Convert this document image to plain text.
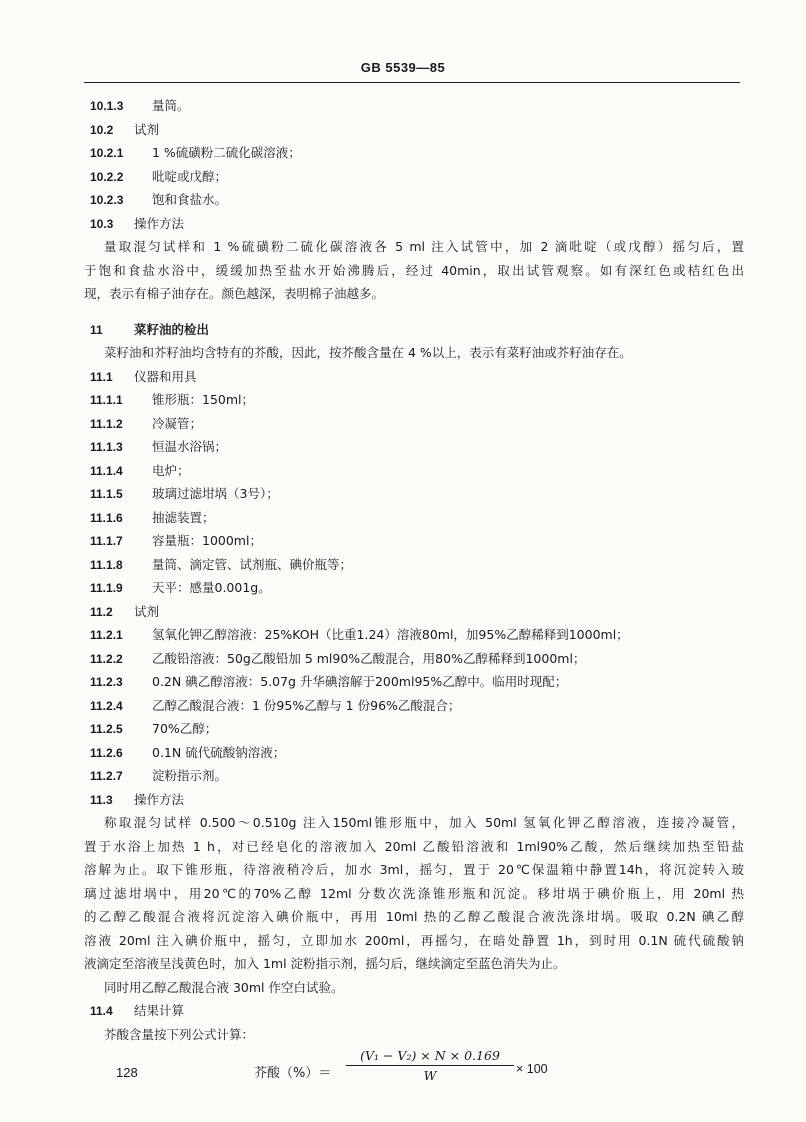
GB 5539—85
10.1.3 量筒。
10.2 试剂
10.2.1 1 %硫磺粉二硫化碳溶液；
10.2.2 吡啶或戊醇；
10.2.3 饱和食盐水。
10.3 操作方法
量取混匀试样和 1 %硫磺粉二硫化碳溶液各 5 ml 注入试管中，加 2 滴吡啶（或戊醇）摇匀后，置
于饱和食盐水浴中，缓缓加热至盐水开始沸腾后，经过 40min，取出试管观察。如有深红色或桔红色出
现，表示有棉子油存在。颜色越深，表明棉子油越多。
11	菜籽油的检出
菜籽油和芥籽油均含特有的芥酸，因此，按芥酸含量在 4 %以上，表示有菜籽油或芥籽油存在。
11.1 仪器和用具
11.1.1 锥形瓶：150ml；
11.1.2 冷凝管；
11.1.3 恒温水浴锅；
11.1.4 电炉；
11.1.5 玻璃过滤坩埚（3号）；
11.1.6 抽滤装置；
11.1.7 容量瓶：1000ml；
11.1.8 量筒、滴定管、试剂瓶、碘价瓶等；
11.1.9 天平：感量0.001g。
11.2 试剂
11.2.1 氢氧化钾乙醇溶液：25%KOH（比重1.24）溶液80ml，加95%乙醇稀释到1000ml；
11.2.2 乙酸铅溶液：50g乙酸铅加 5 ml90%乙酸混合，用80%乙醇稀释到1000ml；
11.2.3 0.2N 碘乙醇溶液：5.07g 升华碘溶解于200ml95%乙醇中。临用时现配；
11.2.4 乙醇乙酸混合液：1 份95%乙醇与 1 份96%乙酸混合；
11.2.5 70%乙醇；
11.2.6 0.1N 硫代硫酸钠溶液；
11.2.7 淀粉指示剂。
11.3 操作方法
称取混匀试样 0.500～0.510g 注入150ml锥形瓶中，加入 50ml 氢氧化钾乙醇溶液，连接冷凝管，
置于水浴上加热 1 h，对已经皂化的溶液加入 20ml 乙酸铅溶液和 1ml90%乙酸，然后继续加热至铅盐
溶解为止。取下锥形瓶，待溶液稍冷后，加水 3ml，摇匀，置于 20℃保温箱中静置14h，将沉淀转入玻
璃过滤坩埚中，用20℃的70%乙醇 12ml 分数次洗涤锥形瓶和沉淀。移坩埚于碘价瓶上，用 20ml 热
的乙醇乙酸混合液将沉淀溶入碘价瓶中，再用 10ml 热的乙醇乙酸混合液洗涤坩埚。吸取 0.2N 碘乙醇
溶液 20ml 注入碘价瓶中，摇匀，立即加水 200ml，再摇匀，在暗处静置 1h，到时用 0.1N 硫代硫酸钠
液滴定至溶液呈浅黄色时，加入 1ml 淀粉指示剂，摇匀后，继续滴定至蓝色消失为止。
同时用乙醇乙酸混合液 30ml 作空白试验。
11.4 结果计算
芥酸含量按下列公式计算：
芥酸（%）＝ $\frac{\text{(V₁ − V₂) × N × 0.169}}{W} \times 100$
128
